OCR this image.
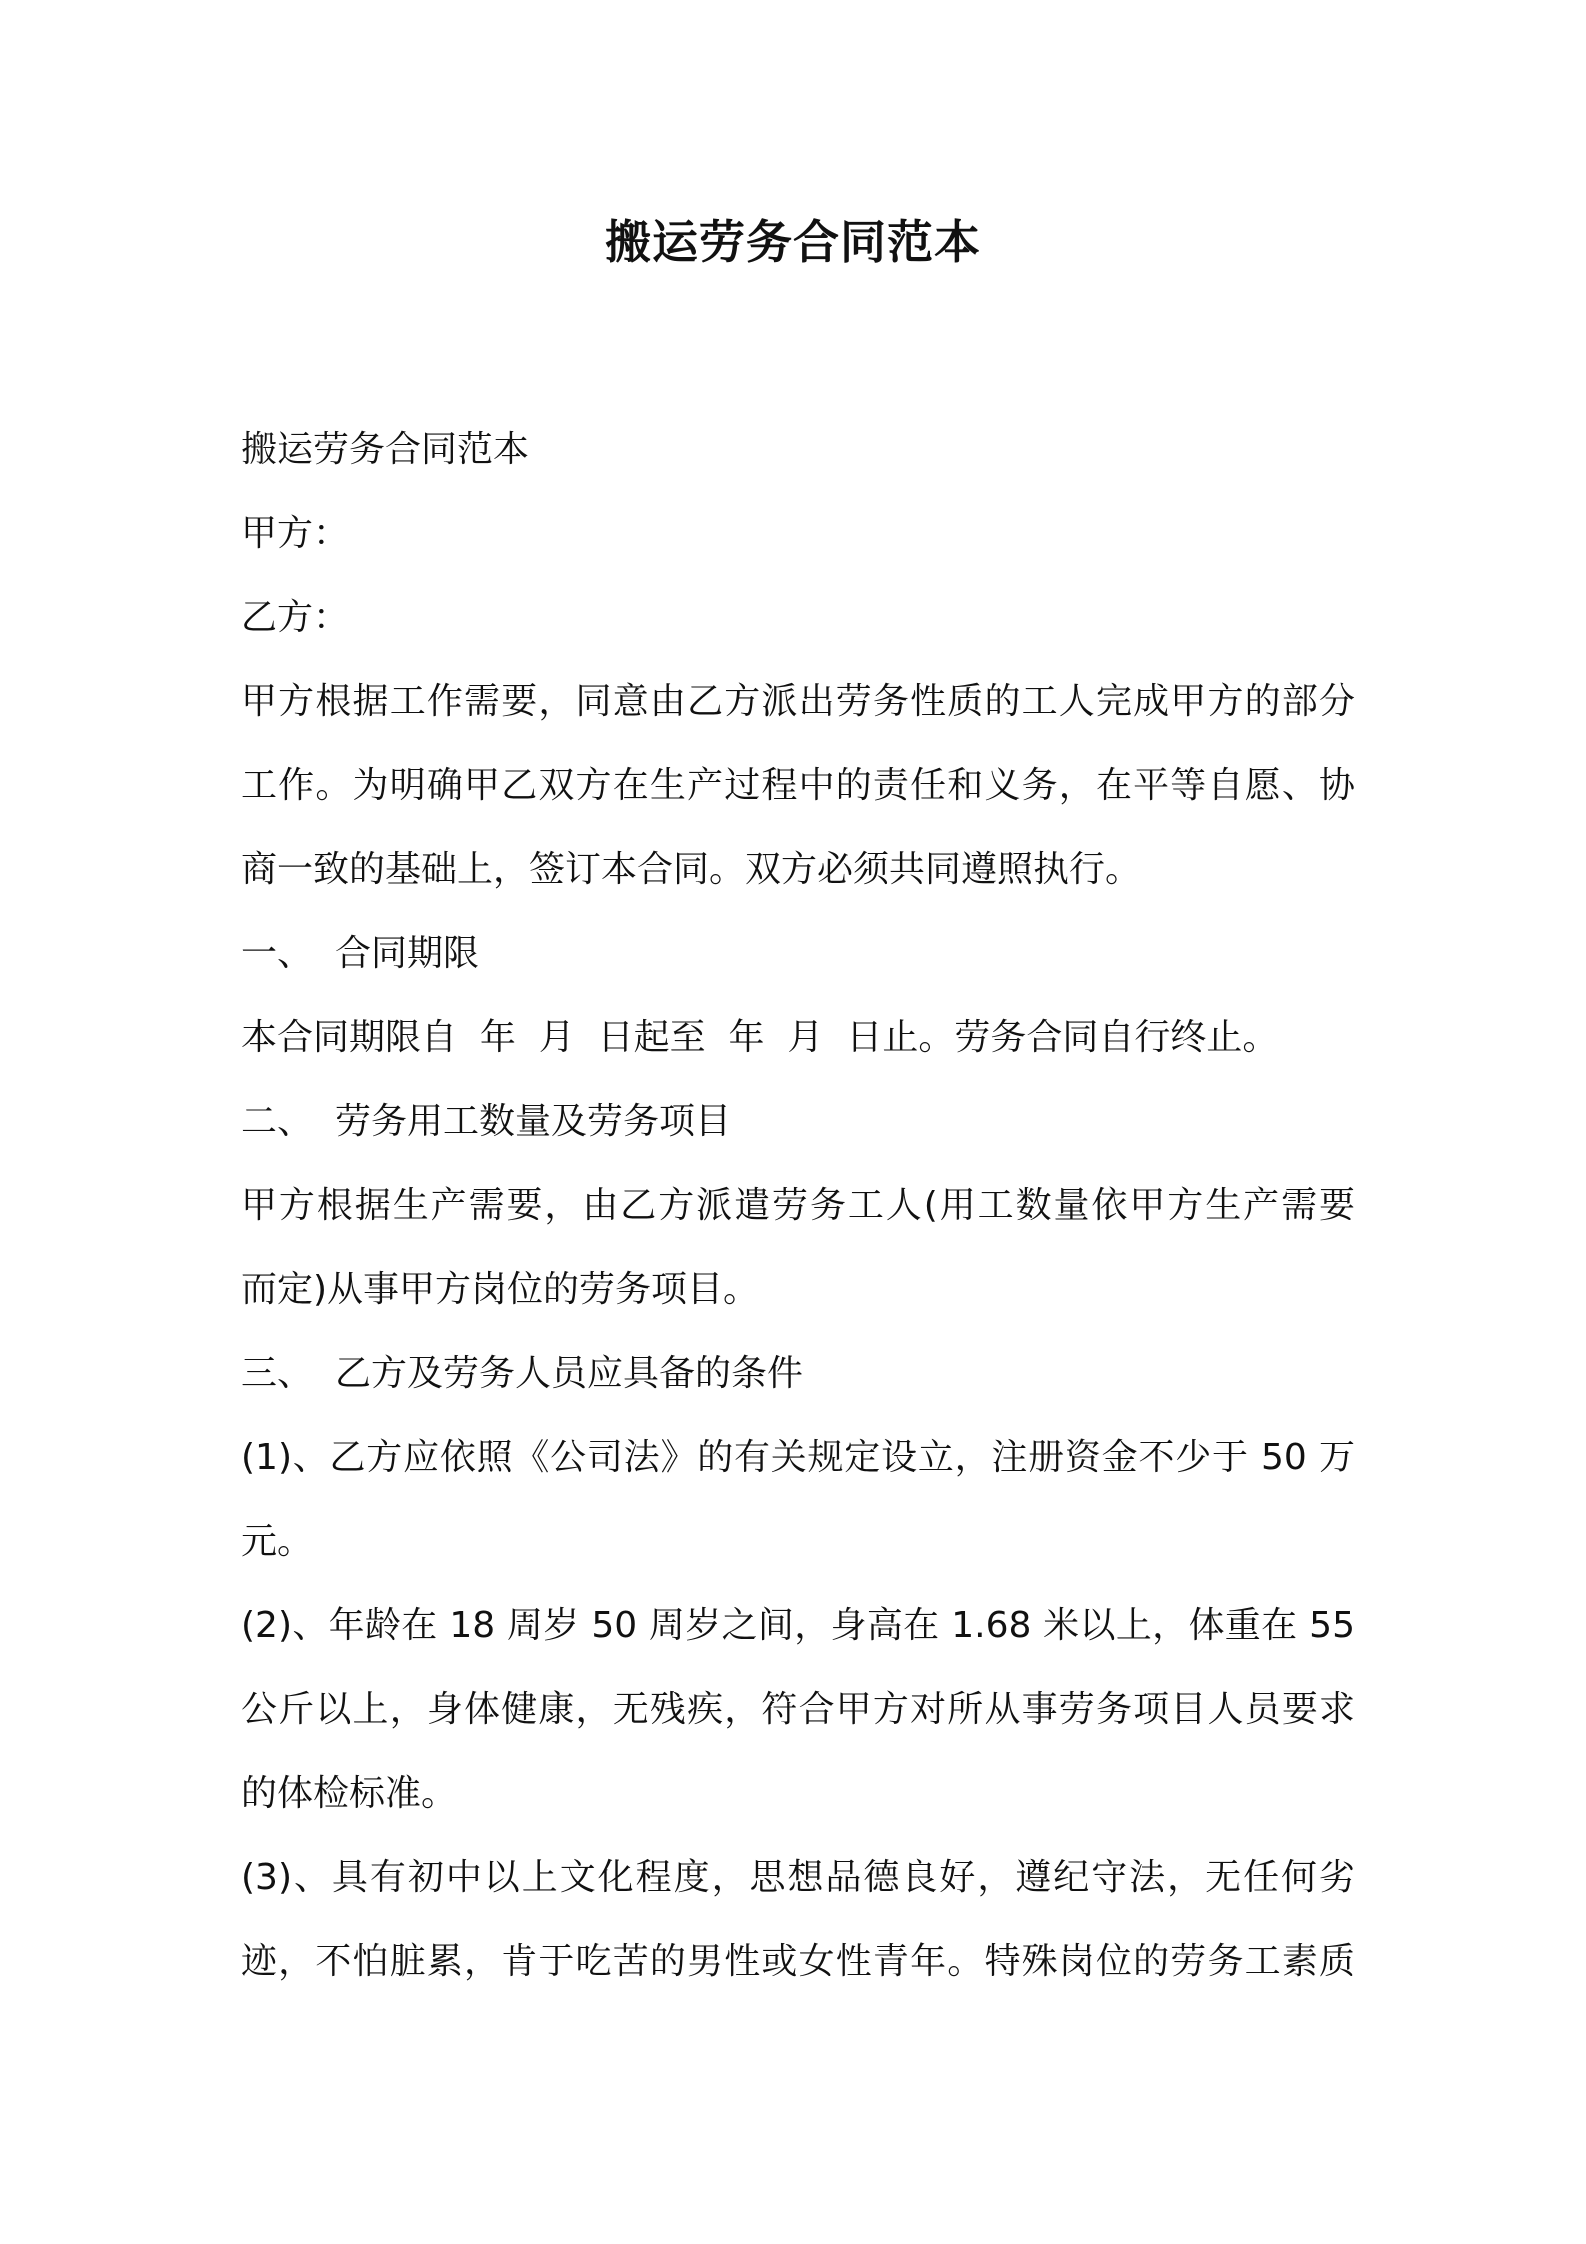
搬运劳务合同范本
搬运劳务合同范本
甲方：
乙方：
甲方根据工作需要，同意由乙方派出劳务性质的工人完成甲方的部分
工作。为明确甲乙双方在生产过程中的责任和义务，在平等自愿、协
商一致的基础上，签订本合同。双方必须共同遵照执行。
一、 合同期限
本合同期限自  年  月  日起至  年  月  日止。劳务合同自行终止。
二、 劳务用工数量及劳务项目
甲方根据生产需要，由乙方派遣劳务工人(用工数量依甲方生产需要
而定)从事甲方岗位的劳务项目。
三、 乙方及劳务人员应具备的条件
(1)、乙方应依照《公司法》的有关规定设立，注册资金不少于 50 万
元。
(2)、年龄在 18 周岁 50 周岁之间，身高在 1.68 米以上，体重在 55
公斤以上，身体健康，无残疾，符合甲方对所从事劳务项目人员要求
的体检标准。
(3)、具有初中以上文化程度，思想品德良好，遵纪守法，无任何劣
迹，不怕脏累，肯于吃苦的男性或女性青年。特殊岗位的劳务工素质
